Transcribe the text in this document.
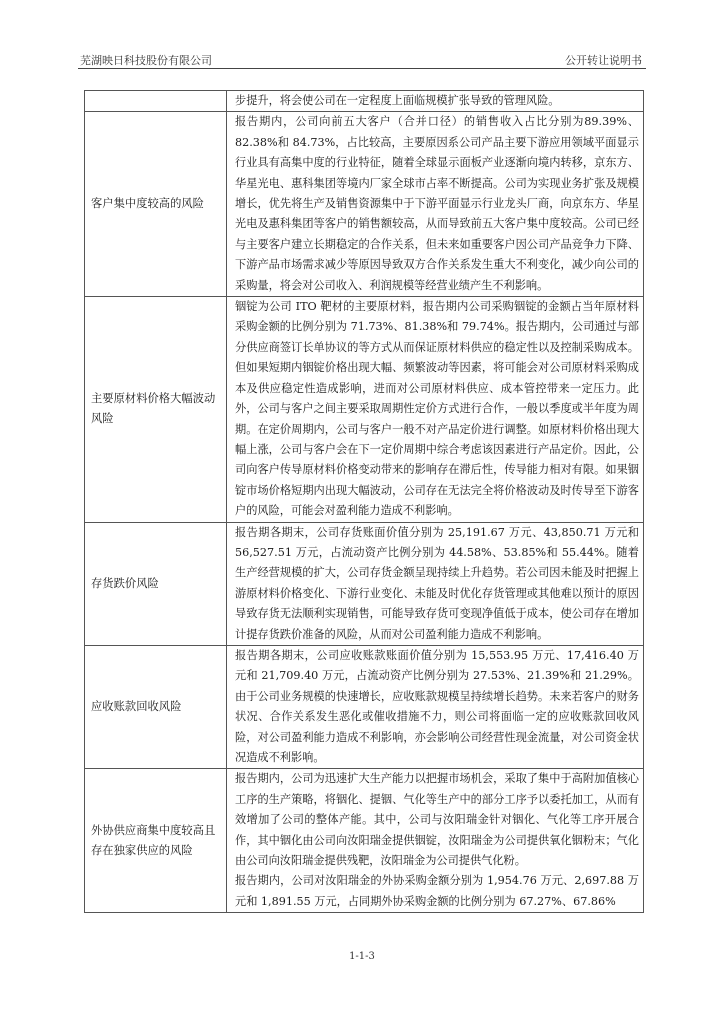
芜湖映日科技股份有限公司	公开转让说明书

	步提升，将会使公司在一定程度上面临规模扩张导致的管理风险。

客户集中度较高的风险	报告期内，公司向前五大客户（合并口径）的销售收入占比分别为89.39%、82.38%和 84.73%，占比较高，主要原因系公司产品主要下游应用领域平面显示行业具有高集中度的行业特征，随着全球显示面板产业逐渐向境内转移，京东方、华星光电、惠科集团等境内厂家全球市占率不断提高。公司为实现业务扩张及规模增长，优先将生产及销售资源集中于下游平面显示行业龙头厂商，向京东方、华星光电及惠科集团等客户的销售额较高，从而导致前五大客户集中度较高。公司已经与主要客户建立长期稳定的合作关系，但未来如重要客户因公司产品竞争力下降、下游产品市场需求减少等原因导致双方合作关系发生重大不利变化，减少向公司的采购量，将会对公司收入、利润规模等经营业绩产生不利影响。

主要原材料价格大幅波动风险	铟锭为公司 ITO 靶材的主要原材料，报告期内公司采购铟锭的金额占当年原材料采购金额的比例分别为 71.73%、81.38%和 79.74%。报告期内，公司通过与部分供应商签订长单协议的等方式从而保证原材料供应的稳定性以及控制采购成本。但如果短期内铟锭价格出现大幅、频繁波动等因素，将可能会对公司原材料采购成本及供应稳定性造成影响，进而对公司原材料供应、成本管控带来一定压力。此外，公司与客户之间主要采取周期性定价方式进行合作，一般以季度或半年度为周期。在定价周期内，公司与客户一般不对产品定价进行调整。如原材料价格出现大幅上涨，公司与客户会在下一定价周期中综合考虑该因素进行产品定价。因此，公司向客户传导原材料价格变动带来的影响存在滞后性，传导能力相对有限。如果铟锭市场价格短期内出现大幅波动，公司存在无法完全将价格波动及时传导至下游客户的风险，可能会对盈利能力造成不利影响。

存货跌价风险	报告期各期末，公司存货账面价值分别为 25,191.67 万元、43,850.71 万元和56,527.51 万元，占流动资产比例分别为 44.58%、53.85%和 55.44%。随着生产经营规模的扩大，公司存货金额呈现持续上升趋势。若公司因未能及时把握上游原材料价格变化、下游行业变化、未能及时优化存货管理或其他难以预计的原因导致存货无法顺利实现销售，可能导致存货可变现净值低于成本，使公司存在增加计提存货跌价准备的风险，从而对公司盈利能力造成不利影响。

应收账款回收风险	报告期各期末，公司应收账款账面价值分别为 15,553.95 万元、17,416.40 万元和 21,709.40 万元，占流动资产比例分别为 27.53%、21.39%和 21.29%。由于公司业务规模的快速增长，应收账款规模呈持续增长趋势。未来若客户的财务状况、合作关系发生恶化或催收措施不力，则公司将面临一定的应收账款回收风险，对公司盈利能力造成不利影响，亦会影响公司经营性现金流量，对公司资金状况造成不利影响。

外协供应商集中度较高且存在独家供应的风险	报告期内，公司为迅速扩大生产能力以把握市场机会，采取了集中于高附加值核心工序的生产策略，将铟化、提铟、气化等生产中的部分工序予以委托加工，从而有效增加了公司的整体产能。其中，公司与汝阳瑞金针对铟化、气化等工序开展合作，其中铟化由公司向汝阳瑞金提供铟锭，汝阳瑞金为公司提供氧化铟粉末；气化由公司向汝阳瑞金提供残靶，汝阳瑞金为公司提供气化粉。
报告期内，公司对汝阳瑞金的外协采购金额分别为 1,954.76 万元、2,697.88 万元和 1,891.55 万元，占同期外协采购金额的比例分别为 67.27%、67.86%
1-1-3
